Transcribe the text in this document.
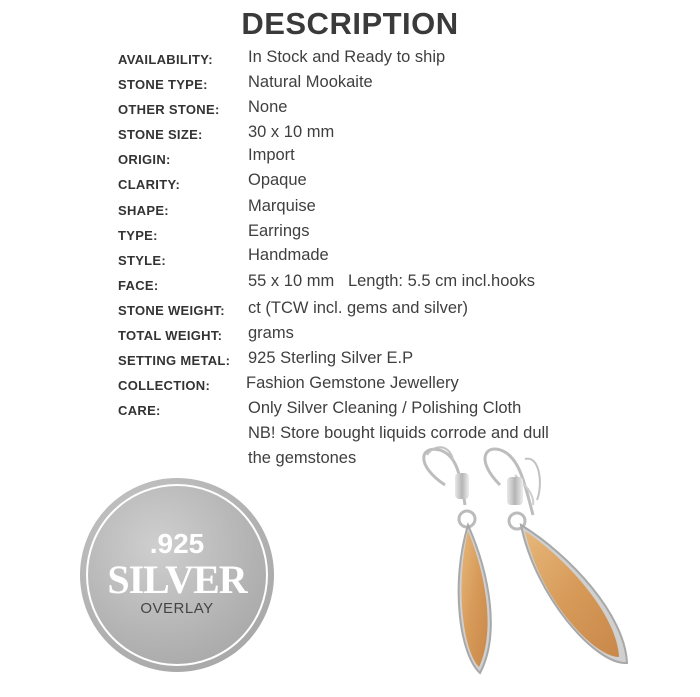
DESCRIPTION
AVAILABILITY: In Stock and Ready to ship
STONE TYPE: Natural Mookaite
OTHER STONE: None
STONE SIZE:	30 x 10 mm
ORIGIN:	Import
CLARITY:	Opaque
SHAPE:	Marquise
TYPE:	Earrings
STYLE:	Handmade
FACE:	55 x 10 mm   Length: 5.5 cm incl.hooks
STONE WEIGHT: ct (TCW incl. gems and silver)
TOTAL WEIGHT: grams
SETTING METAL: 925 Sterling Silver E.P
COLLECTION: Fashion Gemstone Jewellery
CARE:	Only Silver Cleaning / Polishing Cloth
NB! Store bought liquids corrode and dull
the gemstones
.925
SILVER
OVERLAY
